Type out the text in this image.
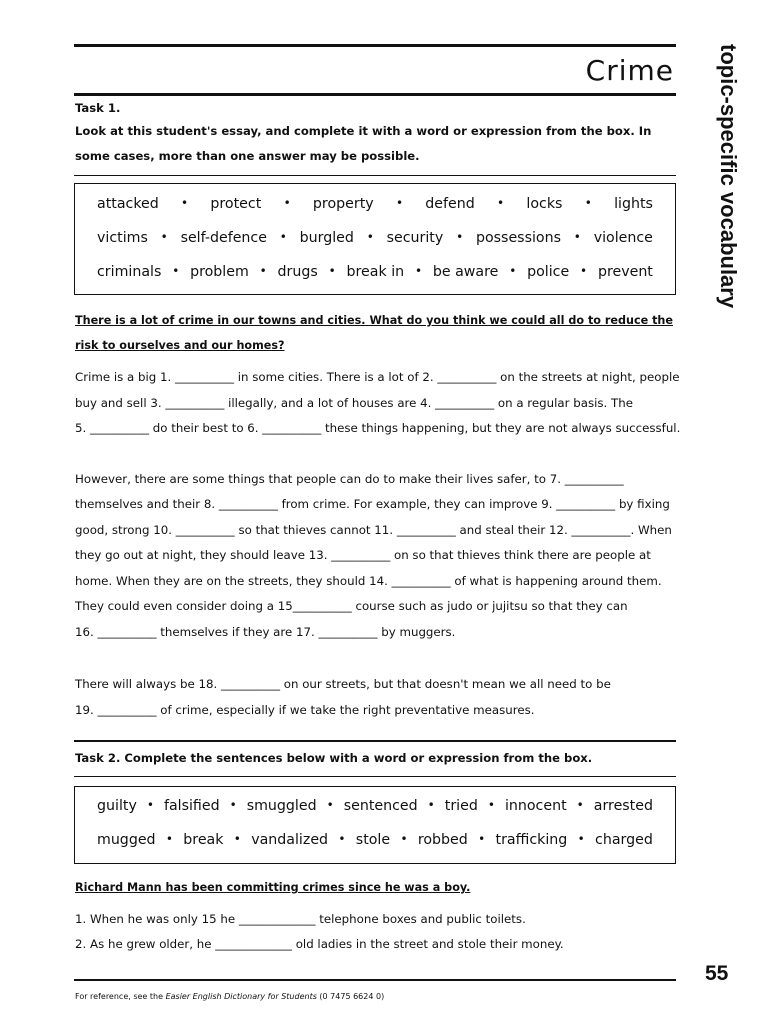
Crime	topic-specific vocabulary
Task 1.
Look at this student's essay, and complete it with a word or expression from the box. In some cases, more than one answer may be possible.
attacked • protect • property • defend • locks • lights
victims • self-defence • burgled • security • possessions • violence
criminals • problem • drugs • break in • be aware • police • prevent
There is a lot of crime in our towns and cities. What do you think we could all do to reduce the risk to ourselves and our homes?
Crime is a big 1. __________ in some cities. There is a lot of 2. __________ on the streets at night, people
buy and sell 3. __________ illegally, and a lot of houses are 4. __________ on a regular basis. The
5. __________ do their best to 6. __________ these things happening, but they are not always successful.
However, there are some things that people can do to make their lives safer, to 7. __________
themselves and their 8. __________ from crime. For example, they can improve 9. __________ by fixing
good, strong 10. __________ so that thieves cannot 11. __________ and steal their 12. __________. When
they go out at night, they should leave 13. __________ on so that thieves think there are people at
home. When they are on the streets, they should 14. __________ of what is happening around them.
They could even consider doing a 15__________ course such as judo or jujitsu so that they can
16. __________ themselves if they are 17. __________ by muggers.
There will always be 18. __________ on our streets, but that doesn't mean we all need to be
19. __________ of crime, especially if we take the right preventative measures.
Task 2. Complete the sentences below with a word or expression from the box.
guilty • falsified • smuggled • sentenced • tried • innocent • arrested
mugged • break • vandalized • stole • robbed • trafficking • charged
Richard Mann has been committing crimes since he was a boy.
1. When he was only 15 he _____________ telephone boxes and public toilets.
2. As he grew older, he _____________ old ladies in the street and stole their money.
55
For reference, see the Easier English Dictionary for Students (0 7475 6624 0)
